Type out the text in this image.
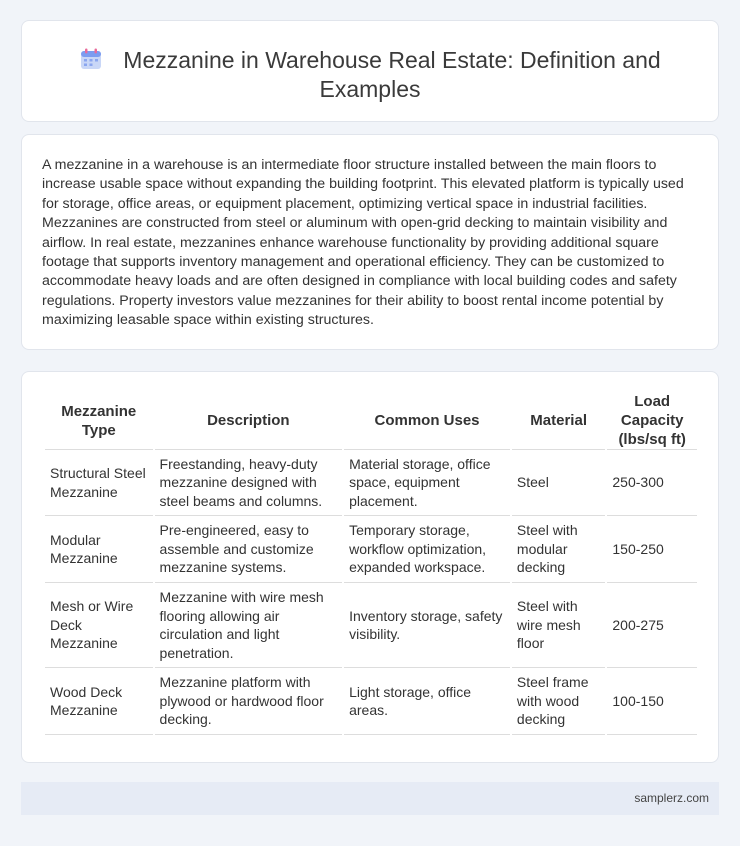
Mezzanine in Warehouse Real Estate: Definition and Examples

A mezzanine in a warehouse is an intermediate floor structure installed between the main floors to increase usable space without expanding the building footprint. This elevated platform is typically used for storage, office areas, or equipment placement, optimizing vertical space in industrial facilities. Mezzanines are constructed from steel or aluminum with open-grid decking to maintain visibility and airflow. In real estate, mezzanines enhance warehouse functionality by providing additional square footage that supports inventory management and operational efficiency. They can be customized to accommodate heavy loads and are often designed in compliance with local building codes and safety regulations. Property investors value mezzanines for their ability to boost rental income potential by maximizing leasable space within existing structures.

Mezzanine Type	Description	Common Uses	Material	Load Capacity (lbs/sq ft)
Structural Steel Mezzanine	Freestanding, heavy-duty mezzanine designed with steel beams and columns.	Material storage, office space, equipment placement.	Steel	250-300
Modular Mezzanine	Pre-engineered, easy to assemble and customize mezzanine systems.	Temporary storage, workflow optimization, expanded workspace.	Steel with modular decking	150-250
Mesh or Wire Deck Mezzanine	Mezzanine with wire mesh flooring allowing air circulation and light penetration.	Inventory storage, safety visibility.	Steel with wire mesh floor	200-275
Wood Deck Mezzanine	Mezzanine platform with plywood or hardwood floor decking.	Light storage, office areas.	Steel frame with wood decking	100-150
samplerz.com
